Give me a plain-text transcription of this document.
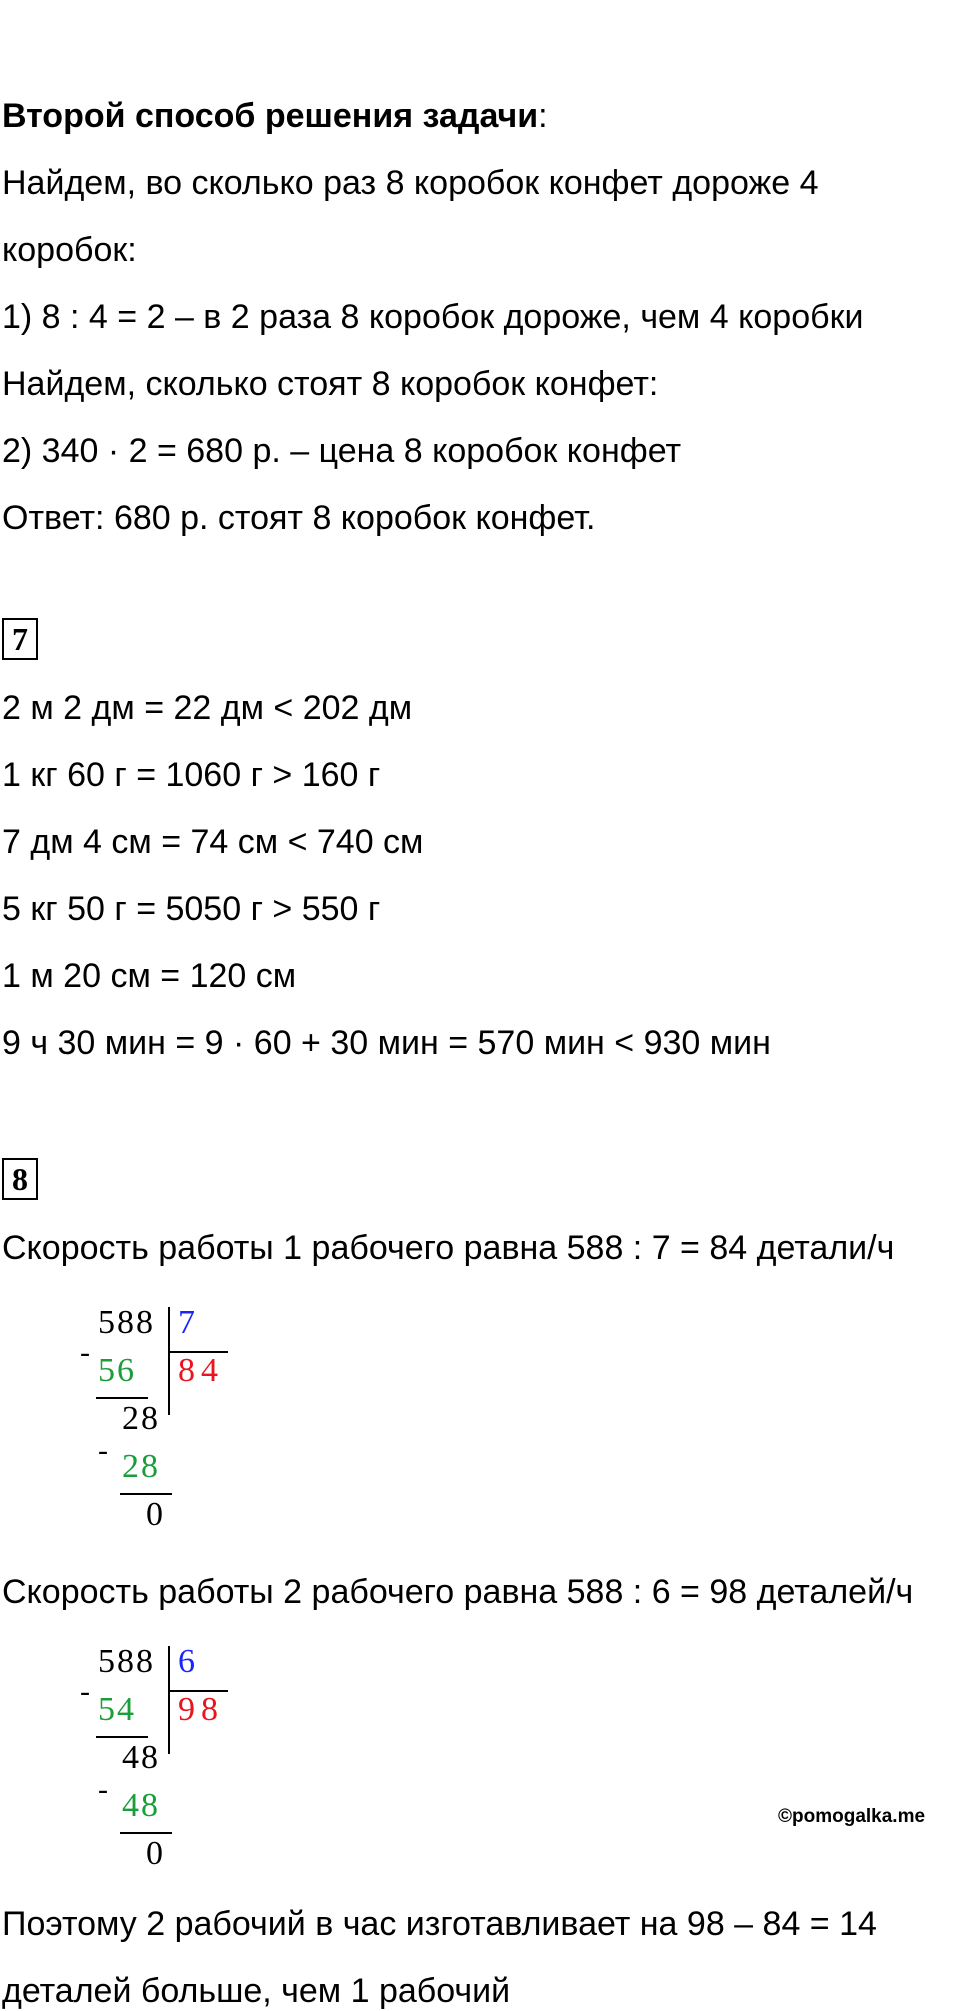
Второй способ решения задачи:
Найдем, во сколько раз 8 коробок конфет дороже 4
коробок:
1) 8 : 4 = 2 – в 2 раза 8 коробок дороже, чем 4 коробки
Найдем, сколько стоят 8 коробок конфет:
2) 340 · 2 = 680 р. – цена 8 коробок конфет
Ответ: 680 р. стоят 8 коробок конфет.
7
2 м 2 дм = 22 дм < 202 дм
1 кг 60 г = 1060 г > 160 г
7 дм 4 см = 74 см < 740 см
5 кг 50 г = 5050 г > 550 г
1 м 20 см = 120 см
9 ч 30 мин = 9 · 60 + 30 мин = 570 мин < 930 мин
8
Скорость работы 1 рабочего равна 588 : 7 = 84 детали/ч
588 7
- 56 84
28
- 28
0
Скорость работы 2 рабочего равна 588 : 6 = 98 деталей/ч
588 6
- 54 98
48
- 48
0
©pomogalka.me
Поэтому 2 рабочий в час изготавливает на 98 – 84 = 14
деталей больше, чем 1 рабочий
